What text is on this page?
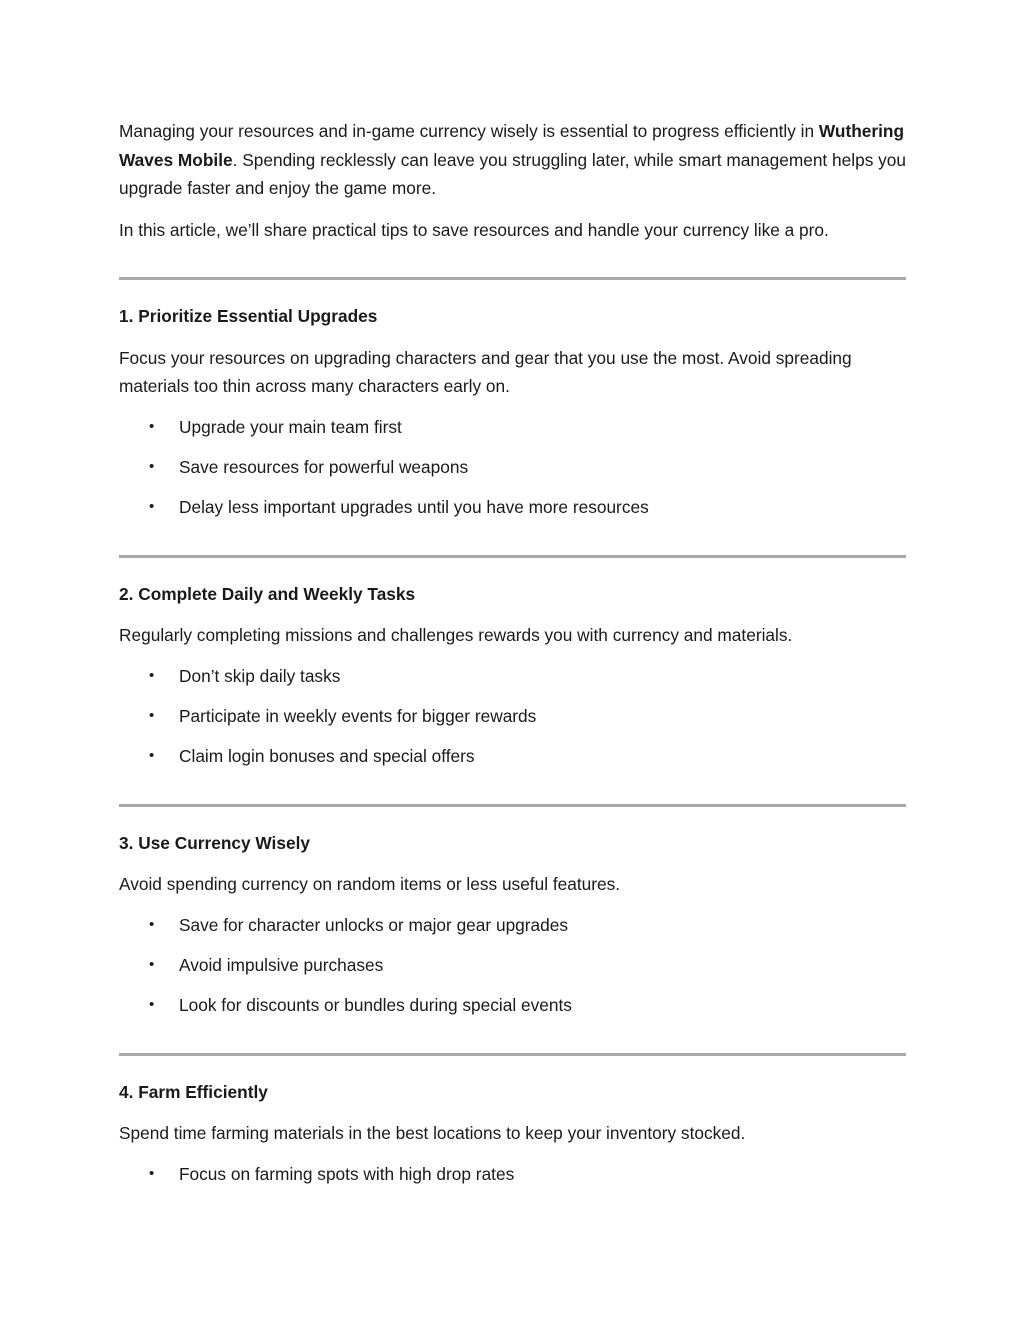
Managing your resources and in-game currency wisely is essential to progress efficiently in Wuthering Waves Mobile. Spending recklessly can leave you struggling later, while smart management helps you upgrade faster and enjoy the game more.

In this article, we’ll share practical tips to save resources and handle your currency like a pro.

1. Prioritize Essential Upgrades

Focus your resources on upgrading characters and gear that you use the most. Avoid spreading materials too thin across many characters early on.

• Upgrade your main team first
• Save resources for powerful weapons
• Delay less important upgrades until you have more resources
2. Complete Daily and Weekly Tasks

Regularly completing missions and challenges rewards you with currency and materials.

• Don’t skip daily tasks
• Participate in weekly events for bigger rewards
• Claim login bonuses and special offers
3. Use Currency Wisely

Avoid spending currency on random items or less useful features.

• Save for character unlocks or major gear upgrades
• Avoid impulsive purchases
• Look for discounts or bundles during special events
4. Farm Efficiently

Spend time farming materials in the best locations to keep your inventory stocked.

• Focus on farming spots with high drop rates
